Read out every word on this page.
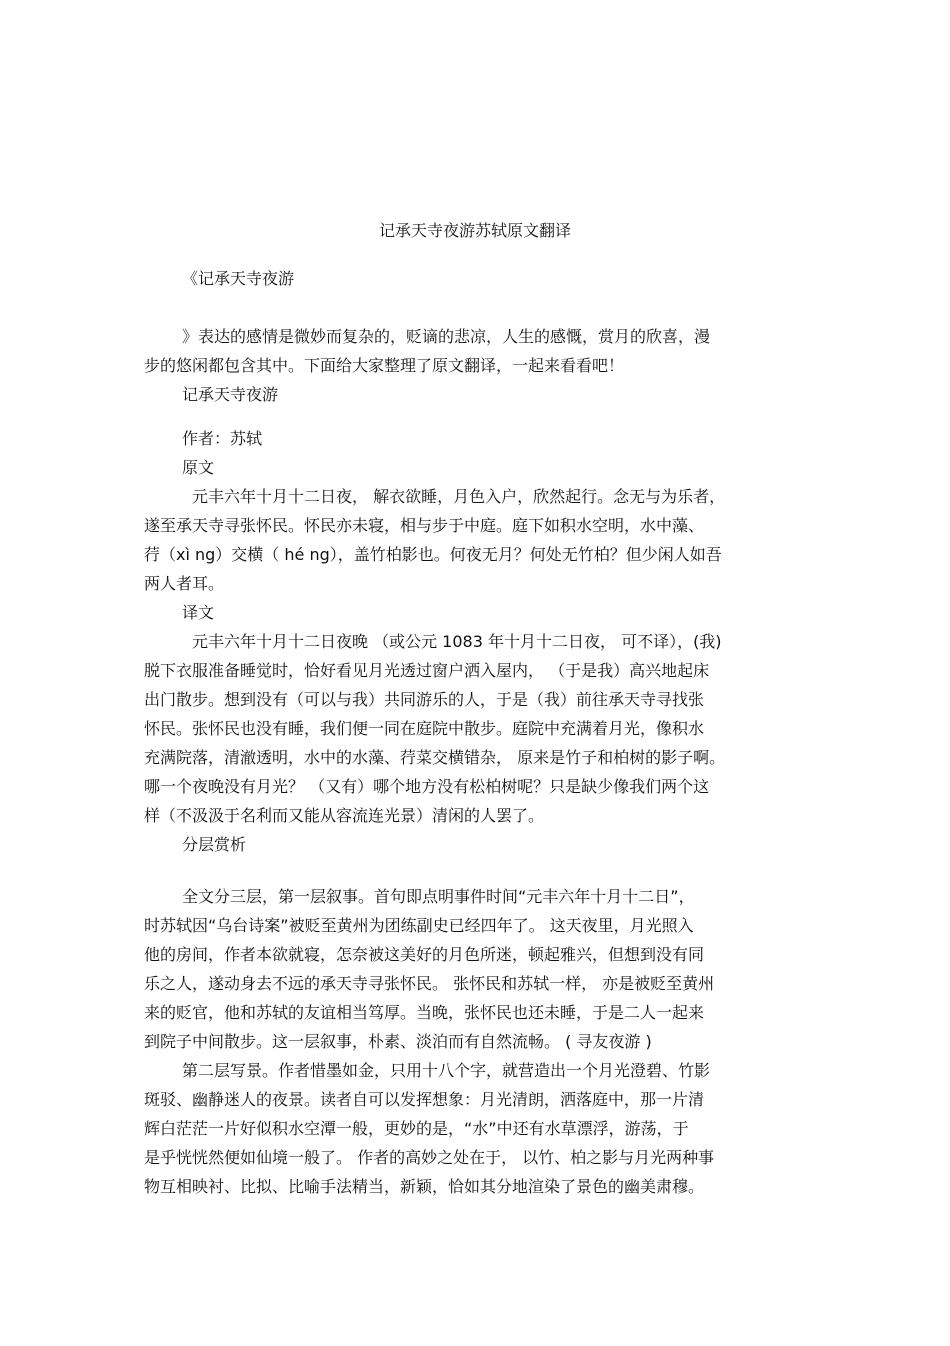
记承天寺夜游苏轼原文翻译

《记承天寺夜游

》表达的感情是微妙而复杂的，贬谪的悲凉，人生的感慨，赏月的欣喜，漫

步的悠闲都包含其中。下面给大家整理了原文翻译，一起来看看吧！

记承天寺夜游

作者：苏轼

原文

元丰六年十月十二日夜， 解衣欲睡，月色入户，欣然起行。念无与为乐者，

遂至承天寺寻张怀民。怀民亦未寝，相与步于中庭。庭下如积水空明，水中藻、

荇（xì ng）交横（ hé ng），盖竹柏影也。何夜无月？何处无竹柏？但少闲人如吾

两人者耳。

译文

元丰六年十月十二日夜晚 （或公元 1083 年十月十二日夜， 可不译），(我)

脱下衣服准备睡觉时，恰好看见月光透过窗户洒入屋内， （于是我）高兴地起床

出门散步。想到没有（可以与我）共同游乐的人，于是（我）前往承天寺寻找张

怀民。张怀民也没有睡，我们便一同在庭院中散步。庭院中充满着月光，像积水

充满院落，清澈透明，水中的水藻、荇菜交横错杂， 原来是竹子和柏树的影子啊。

哪一个夜晚没有月光？ （又有）哪个地方没有松柏树呢？只是缺少像我们两个这

样（不汲汲于名利而又能从容流连光景）清闲的人罢了。

分层赏析

全文分三层，第一层叙事。首句即点明事件时间“元丰六年十月十二日”，

时苏轼因“乌台诗案”被贬至黄州为团练副史已经四年了。 这天夜里，月光照入

他的房间，作者本欲就寝，怎奈被这美好的月色所迷，顿起雅兴，但想到没有同

乐之人，遂动身去不远的承天寺寻张怀民。 张怀民和苏轼一样， 亦是被贬至黄州

来的贬官，他和苏轼的友谊相当笃厚。当晚，张怀民也还未睡，于是二人一起来

到院子中间散步。这一层叙事，朴素、淡泊而有自然流畅。 ( 寻友夜游 )

第二层写景。作者惜墨如金，只用十八个字，就营造出一个月光澄碧、竹影

斑驳、幽静迷人的夜景。读者自可以发挥想象：月光清朗，洒落庭中，那一片清

辉白茫茫一片好似积水空潭一般，更妙的是，“水”中还有水草漂浮，游荡，于

是乎恍恍然便如仙境一般了。 作者的高妙之处在于， 以竹、柏之影与月光两种事

物互相映衬、比拟、比喻手法精当，新颖，恰如其分地渲染了景色的幽美肃穆。
